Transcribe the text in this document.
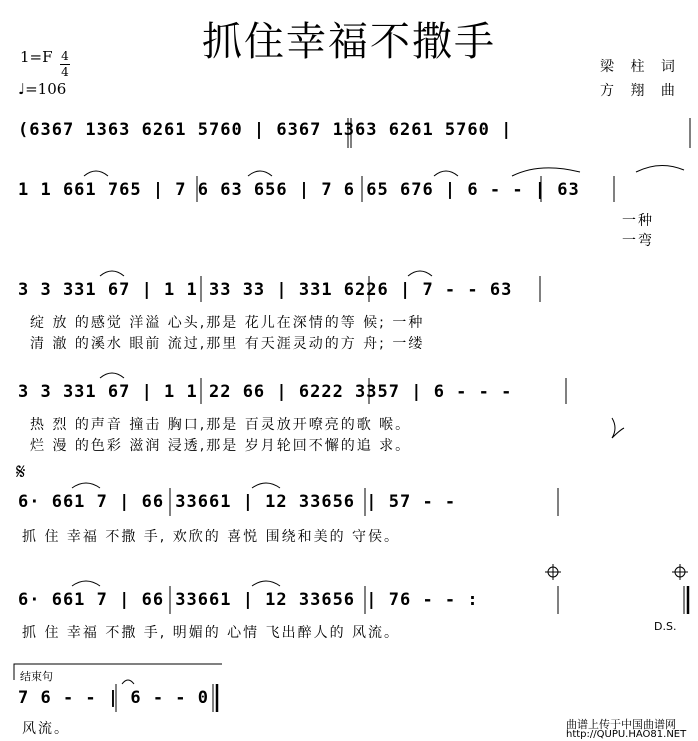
抓住幸福不撒手
1=F 4
4
♩=106
梁 柱 词
方 翔 曲
(6367 1363 6261 5760 | 6367 1363 6261 5760 |
1 1 661 765 | 7 6 63 656 | 7 6 65 676 | 6 - - | 63
一种
一弯
3 3 331 67 | 1 1 33 33 | 331 6226 | 7 - - 63
绽 放 的感觉 洋溢 心头,那是 花儿在深情的等 候; 一种
清 澈 的溪水 眼前 流过,那里 有天涯灵动的方 舟; 一缕
3 3 331 67 | 1 1 22 66 | 6222 3357 | 6 - - -
热 烈 的声音 撞击 胸口,那是 百灵放开嘹亮的歌 喉。
烂 漫 的色彩 滋润 浸透,那是 岁月轮回不懈的追 求。
𝄋
6· 661 7 | 66 33661 | 12 33656 | 57 - -
抓 住 幸福 不撒 手, 欢欣的 喜悦 围绕和美的 守侯。
6· 661 7 | 66 33661 | 12 33656 | 76 - - :
抓 住 幸福 不撒 手, 明媚的 心情 飞出醉人的 风流。	D.S.
结束句
7 6 - - | 6 - - 0
风流。	曲谱上传于中国曲谱网
http://QUPU.HAO81.NET
